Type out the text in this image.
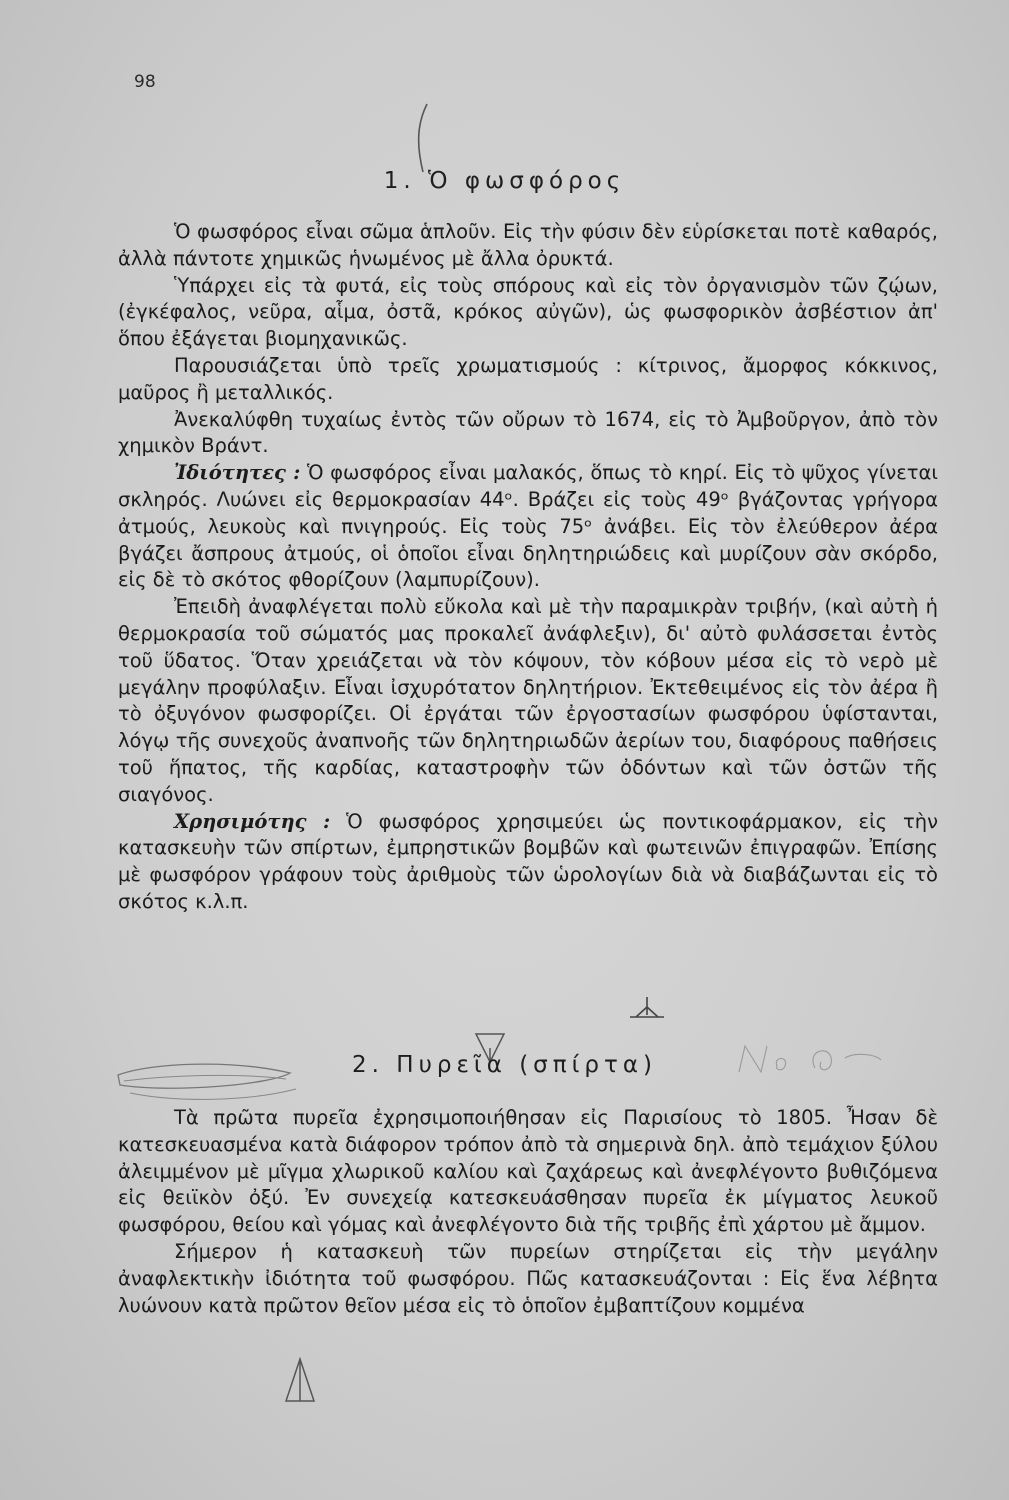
98
1. Ὁ φωσφόρος

Ὁ φωσφόρος εἶναι σῶμα ἁπλοῦν. Εἰς τὴν φύσιν δὲν εὑρίσκεται ποτὲ καθαρός, ἀλλὰ πάντοτε χημικῶς ἡνωμένος μὲ ἄλλα ὀρυκτά.

Ὑπάρχει εἰς τὰ φυτά, εἰς τοὺς σπόρους καὶ εἰς τὸν ὀργανισμὸν τῶν ζῴων, (ἐγκέφαλος, νεῦρα, αἷμα, ὀστᾶ, κρόκος αὐγῶν), ὡς φωσφορικὸν ἀσβέστιον ἀπ' ὅπου ἐξάγεται βιομηχανικῶς.

Παρουσιάζεται ὑπὸ τρεῖς χρωματισμούς : κίτρινος, ἄμορφος κόκκινος, μαῦρος ἢ μεταλλικός.

Ἀνεκαλύφθη τυχαίως ἐντὸς τῶν οὔρων τὸ 1674, εἰς τὸ Ἀμβοῦργον, ἀπὸ τὸν χημικὸν Βράντ.

Ἰδιότητες : Ὁ φωσφόρος εἶναι μαλακός, ὅπως τὸ κηρί. Εἰς τὸ ψῦχος γίνεται σκληρός. Λυώνει εἰς θερμοκρασίαν 44ᵒ. Βράζει εἰς τοὺς 49ᵒ βγάζοντας γρήγορα ἀτμούς, λευκοὺς καὶ πνιγηρούς. Εἰς τοὺς 75ᵒ ἀνάβει. Εἰς τὸν ἐλεύθερον ἀέρα βγάζει ἄσπρους ἀτμούς, οἱ ὁποῖοι εἶναι δηλητηριώδεις καὶ μυρίζουν σὰν σκόρδο, εἰς δὲ τὸ σκότος φθορίζουν (λαμπυρίζουν).

Ἐπειδὴ ἀναφλέγεται πολὺ εὔκολα καὶ μὲ τὴν παραμικρὰν τριβήν, (καὶ αὐτὴ ἡ θερμοκρασία τοῦ σώματός μας προκαλεῖ ἀνάφλεξιν), δι' αὐτὸ φυλάσσεται ἐντὸς τοῦ ὕδατος. Ὅταν χρειάζεται νὰ τὸν κόψουν, τὸν κόβουν μέσα εἰς τὸ νερὸ μὲ μεγάλην προφύλαξιν. Εἶναι ἰσχυρότατον δηλητήριον. Ἐκτεθειμένος εἰς τὸν ἀέρα ἢ τὸ ὀξυγόνον φωσφορίζει. Οἱ ἐργάται τῶν ἐργοστασίων φωσφόρου ὑφίστανται, λόγῳ τῆς συνεχοῦς ἀναπνοῆς τῶν δηλητηριωδῶν ἀερίων του, διαφόρους παθήσεις τοῦ ἥπατος, τῆς καρδίας, καταστροφὴν τῶν ὀδόντων καὶ τῶν ὀστῶν τῆς σιαγόνος.

Χρησιμότης : Ὁ φωσφόρος χρησιμεύει ὡς ποντικοφάρμακον, εἰς τὴν κατασκευὴν τῶν σπίρτων, ἐμπρηστικῶν βομβῶν καὶ φωτεινῶν ἐπιγραφῶν. Ἐπίσης μὲ φωσφόρον γράφουν τοὺς ἀριθμοὺς τῶν ὡρολογίων διὰ νὰ διαβάζωνται εἰς τὸ σκότος κ.λ.π.

2. Πυρεῖα (σπίρτα)

Τὰ πρῶτα πυρεῖα ἐχρησιμοποιήθησαν εἰς Παρισίους τὸ 1805. Ἦσαν δὲ κατεσκευασμένα κατὰ διάφορον τρόπον ἀπὸ τὰ σημερινὰ δηλ. ἀπὸ τεμάχιον ξύλου ἀλειμμένον μὲ μῖγμα χλωρικοῦ καλίου καὶ ζαχάρεως καὶ ἀνεφλέγοντο βυθιζόμενα εἰς θειϊκὸν ὀξύ. Ἐν συνεχείᾳ κατεσκευάσθησαν πυρεῖα ἐκ μίγματος λευκοῦ φωσφόρου, θείου καὶ γόμας καὶ ἀνεφλέγοντο διὰ τῆς τριβῆς ἐπὶ χάρτου μὲ ἄμμον.

Σήμερον ἡ κατασκευὴ τῶν πυρείων στηρίζεται εἰς τὴν μεγάλην ἀναφλεκτικὴν ἰδιότητα τοῦ φωσφόρου. Πῶς κατασκευάζονται : Εἰς ἕνα λέβητα λυώνουν κατὰ πρῶτον θεῖον μέσα εἰς τὸ ὁποῖον ἐμβαπτίζουν κομμένα
